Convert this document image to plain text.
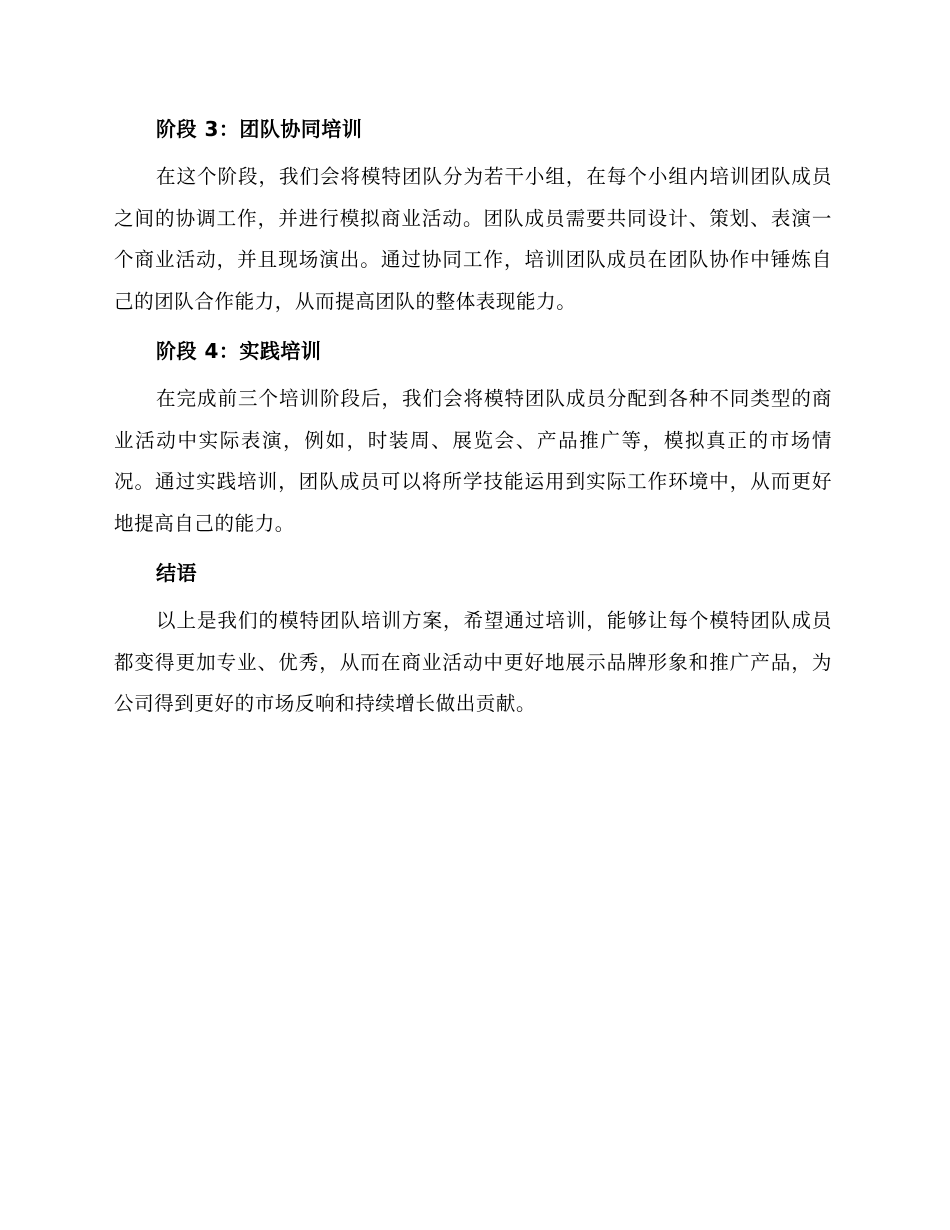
阶段 3：团队协同培训

在这个阶段，我们会将模特团队分为若干小组，在每个小组内培训团队成员之间的协调工作，并进行模拟商业活动。团队成员需要共同设计、策划、表演一个商业活动，并且现场演出。通过协同工作，培训团队成员在团队协作中锤炼自己的团队合作能力，从而提高团队的整体表现能力。

阶段 4：实践培训

在完成前三个培训阶段后，我们会将模特团队成员分配到各种不同类型的商业活动中实际表演，例如，时装周、展览会、产品推广等，模拟真正的市场情况。通过实践培训，团队成员可以将所学技能运用到实际工作环境中，从而更好地提高自己的能力。

结语

以上是我们的模特团队培训方案，希望通过培训，能够让每个模特团队成员都变得更加专业、优秀，从而在商业活动中更好地展示品牌形象和推广产品，为公司得到更好的市场反响和持续增长做出贡献。
